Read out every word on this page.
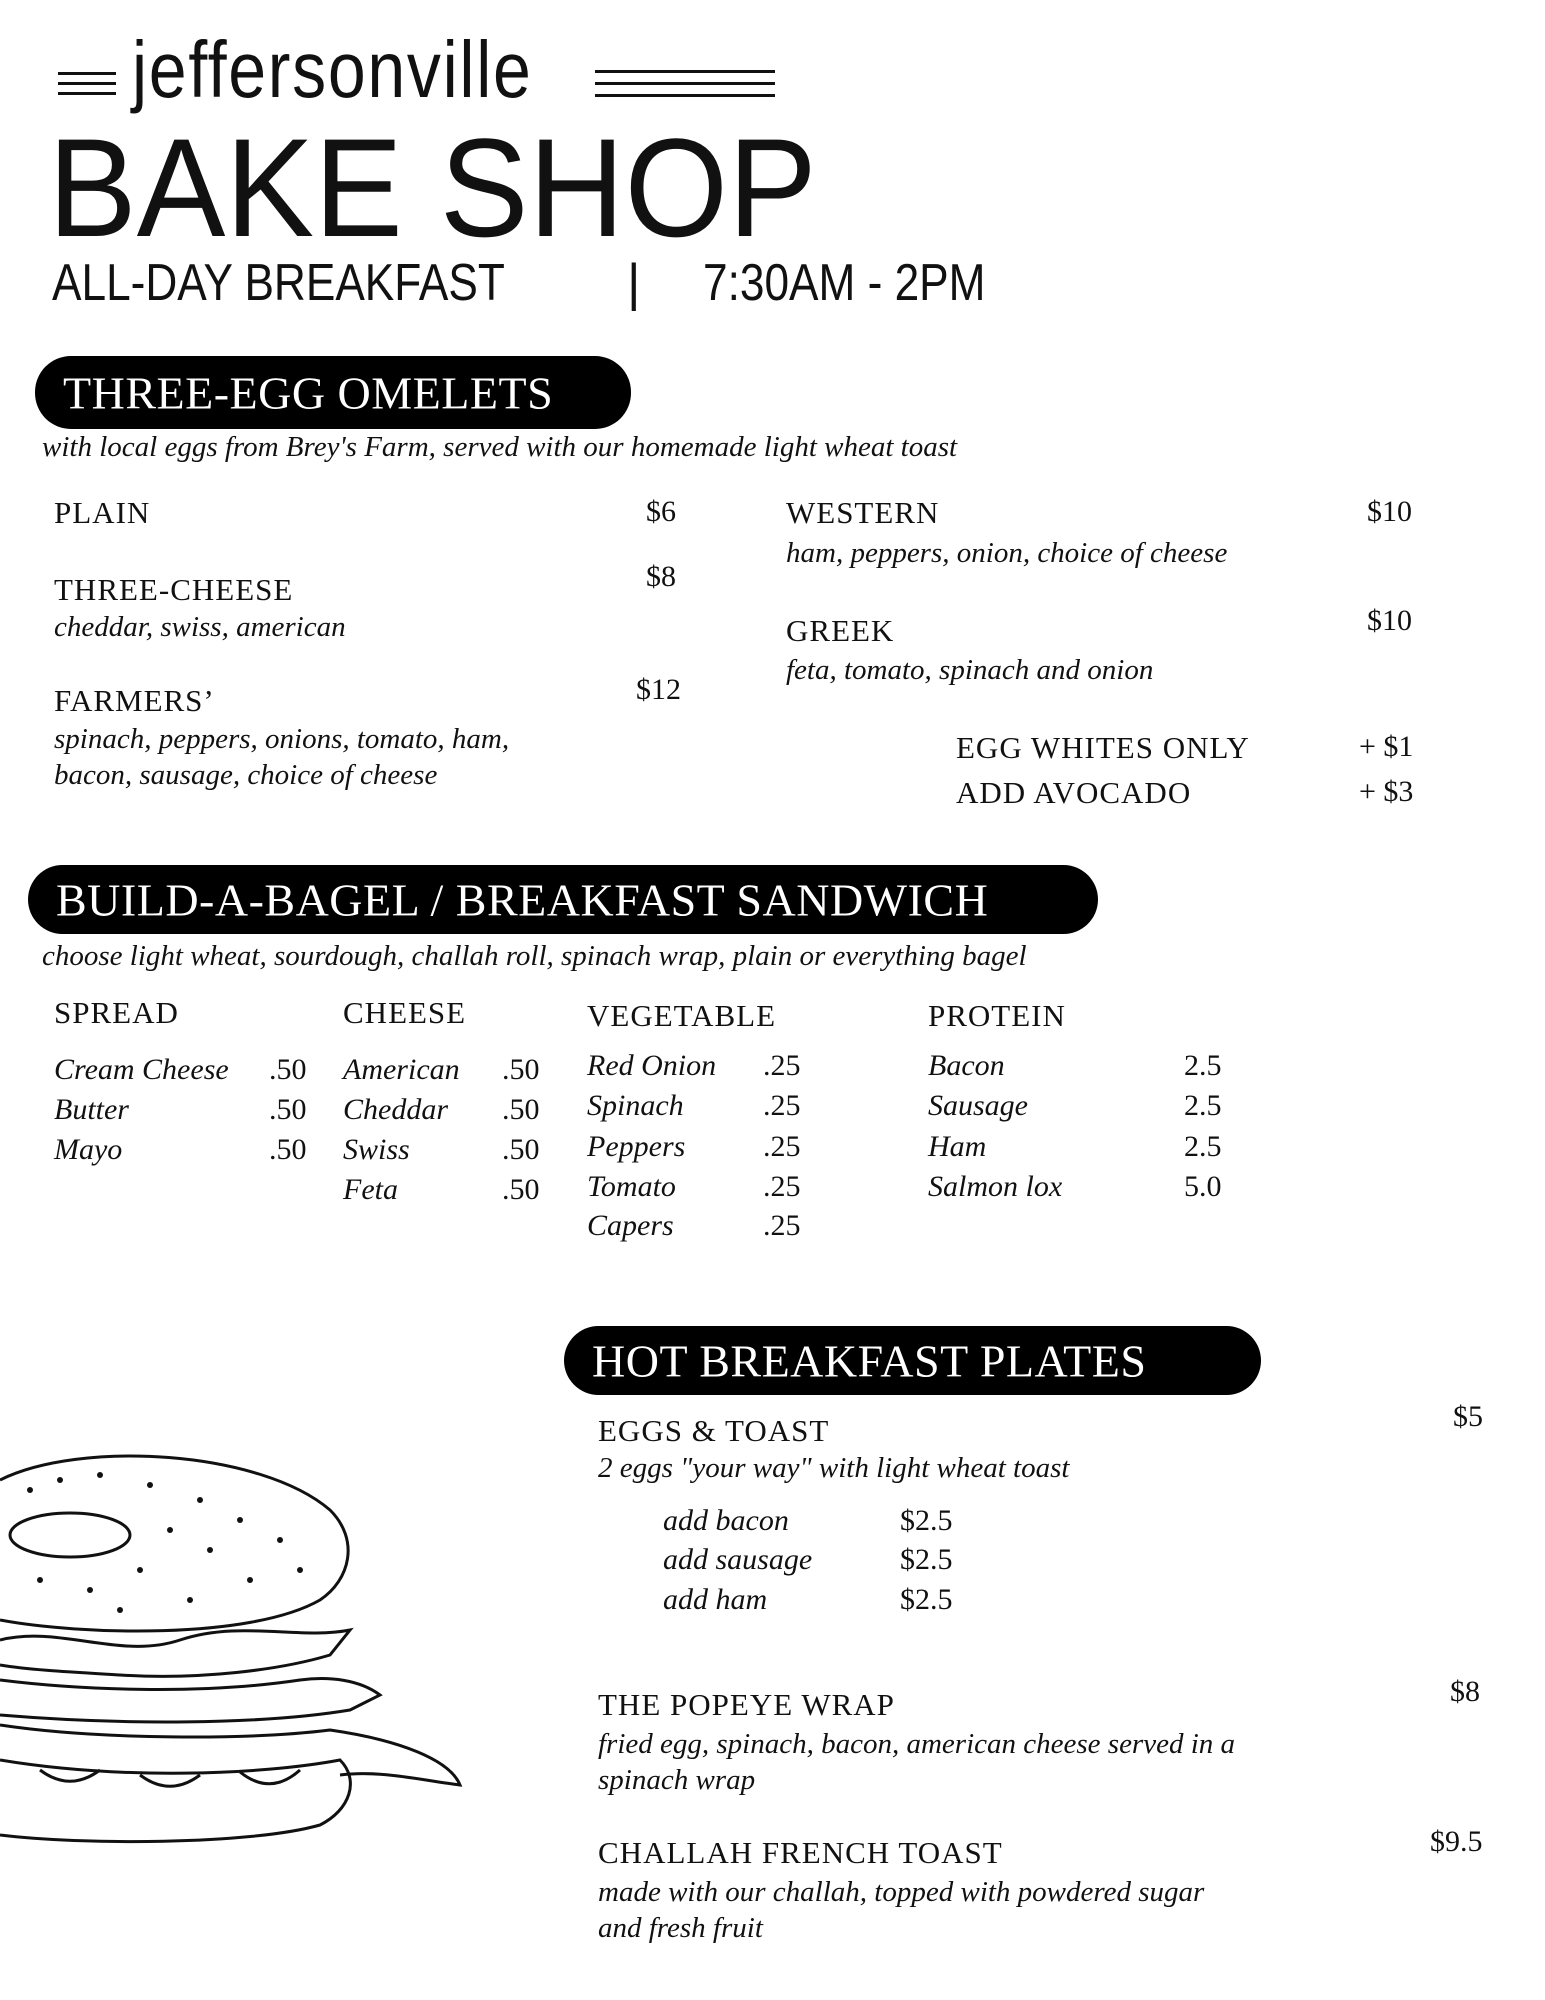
jeffersonville
BAKE SHOP
ALL-DAY BREAKFAST | 7:30AM - 2PM
THREE-EGG OMELETS
with local eggs from Brey's Farm, served with our homemade light wheat toast
PLAIN	$6
THREE-CHEESE	$8
cheddar, swiss, american
FARMERS’	$12
spinach, peppers, onions, tomato, ham,
bacon, sausage, choice of cheese
WESTERN	$10
ham, peppers, onion, choice of cheese
GREEK	$10
feta, tomato, spinach and onion
EGG WHITES ONLY	+ $1
ADD AVOCADO	+ $3
BUILD-A-BAGEL / BREAKFAST SANDWICH
choose light wheat, sourdough, challah roll, spinach wrap, plain or everything bagel
SPREAD
Cream Cheese .50
Butter	.50
Mayo	.50
CHEESE
American .50
Cheddar .50
Swiss	.50
Feta	.50
VEGETABLE
Red Onion .25
Spinach	.25
Peppers	.25
Tomato	.25
Capers	.25
PROTEIN
Bacon	2.5
Sausage	2.5
Ham	2.5
Salmon lox	5.0
HOT BREAKFAST PLATES
EGGS & TOAST	$5
2 eggs "your way" with light wheat toast
add bacon	$2.5
add sausage	$2.5
add ham	$2.5
THE POPEYE WRAP	$8
fried egg, spinach, bacon, american cheese served in a
spinach wrap
CHALLAH FRENCH TOAST	$9.5
made with our challah, topped with powdered sugar
and fresh fruit
